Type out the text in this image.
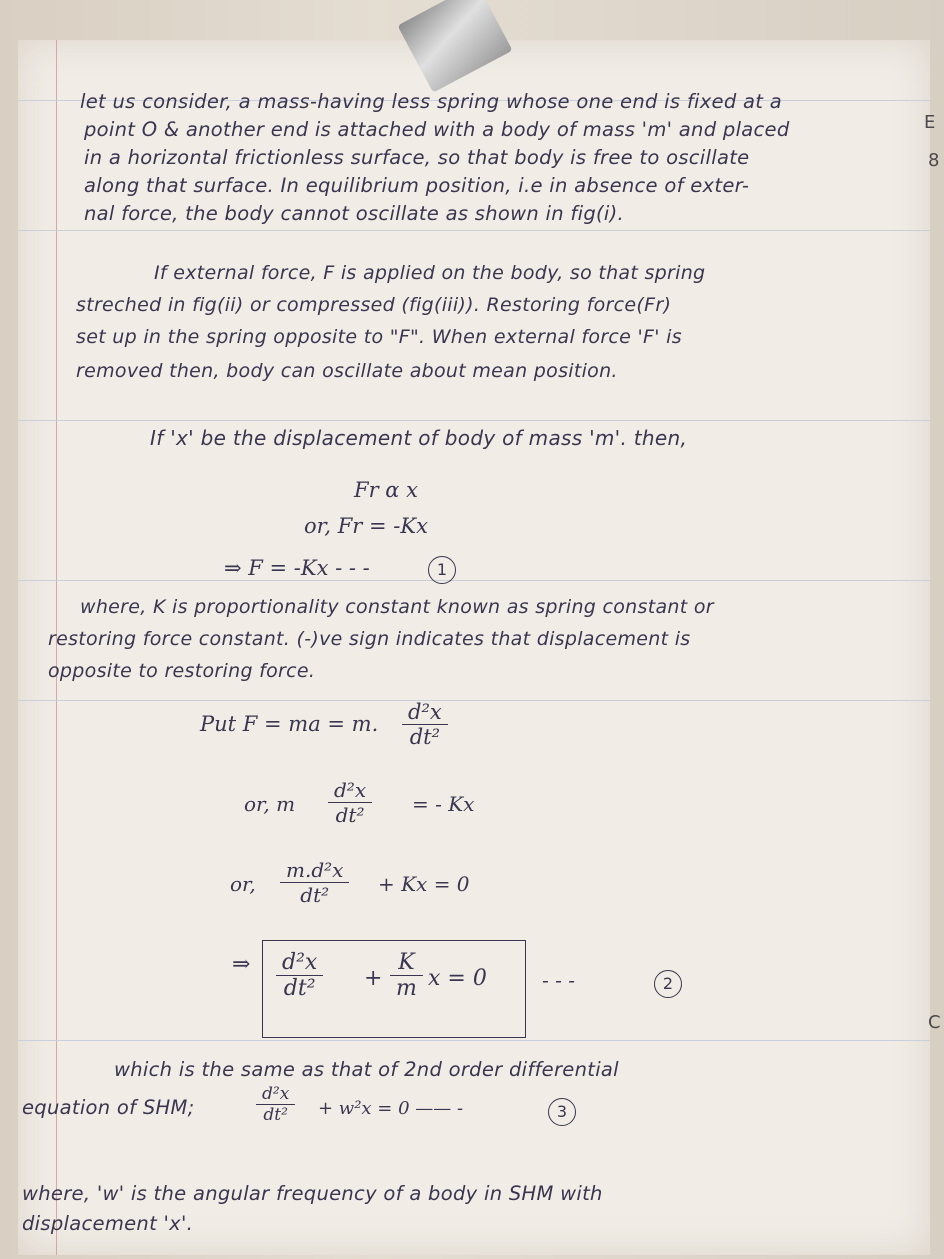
let us consider, a mass-having less spring whose one end is fixed at a
point O & another end is attached with a body of mass 'm' and placed
in a horizontal frictionless surface, so that body is free to oscillate
along that surface. In equilibrium position, i.e in absence of exter-
nal force, the body cannot oscillate as shown in fig(i).
If external force, F is applied on the body, so that spring
streched in fig(ii) or compressed (fig(iii)). Restoring force(Fr)
set up in the spring opposite to "F". When external force 'F' is
removed then, body can oscillate about mean position.
If 'x' be the displacement of body of mass 'm'. then,
Fr α x
or, Fr = -Kx
⇒ F = -Kx - - -	1
where, K is proportionality constant known as spring constant or
restoring force constant. (-)ve sign indicates that displacement is
opposite to restoring force.
Put F = ma = m. $\frac{\text{d²x}}{\text{dt²}}$
or, m $\frac{\text{d²x}}{\text{dt²}}$ = - Kx
or, $\frac{\text{m.d²x}}{\text{dt²}} + Kx = 0$
⇒ $\frac{\text{d²x}}{\text{dt²}} + \frac{K}{m}$ x = 0	- - -	2
which is the same as that of 2nd order differential
equation of SHM;	$\frac{\text{d²x}}{\text{dt²}} + w^2x = 0$ —— -	3
where, 'w' is the angular frequency of a body in SHM with
displacement 'x'.
E
8
C
